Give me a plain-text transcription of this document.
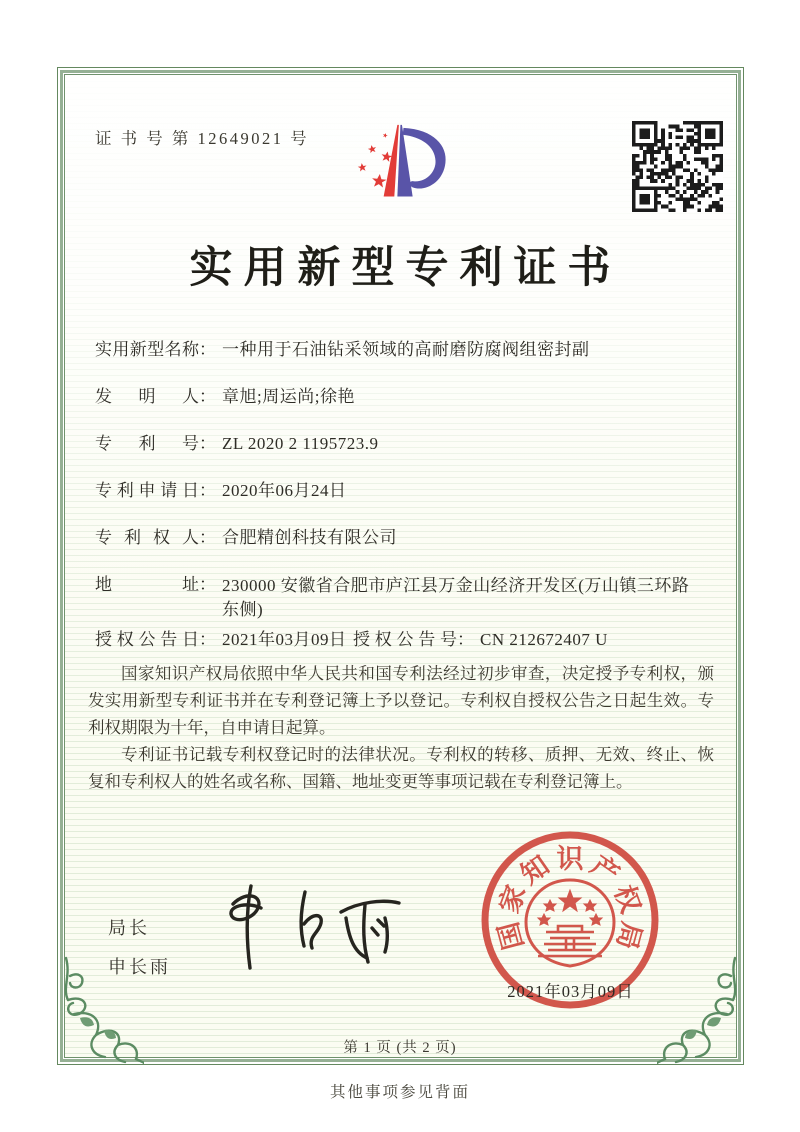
证 书 号 第 12649021 号
实用新型专利证书
实用新型名称 ： 一种用于石油钻采领域的高耐磨防腐阀组密封副
发明人 ： 章旭;周运尚;徐艳
专利号 ： ZL 2020 2 1195723.9
专利申请日 ： 2020年06月24日
专利权人 ： 合肥精创科技有限公司
地址 ： 230000 安徽省合肥市庐江县万金山经济开发区(万山镇三环路东侧)
授权公告日 ： 2021年03月09日 授权公告号 ： CN 212672407 U

国家知识产权局依照中华人民共和国专利法经过初步审查，决定授予专利权，颁发实用新型专利证书并在专利登记簿上予以登记。专利权自授权公告之日起生效。专利权期限为十年，自申请日起算。

专利证书记载专利权登记时的法律状况。专利权的转移、质押、无效、终止、恢复和专利权人的姓名或名称、国籍、地址变更等事项记载在专利登记簿上。

局长
申长雨
国
家
知 识 产
权
局
2021年03月09日
第 1 页 (共 2 页)
其他事项参见背面
